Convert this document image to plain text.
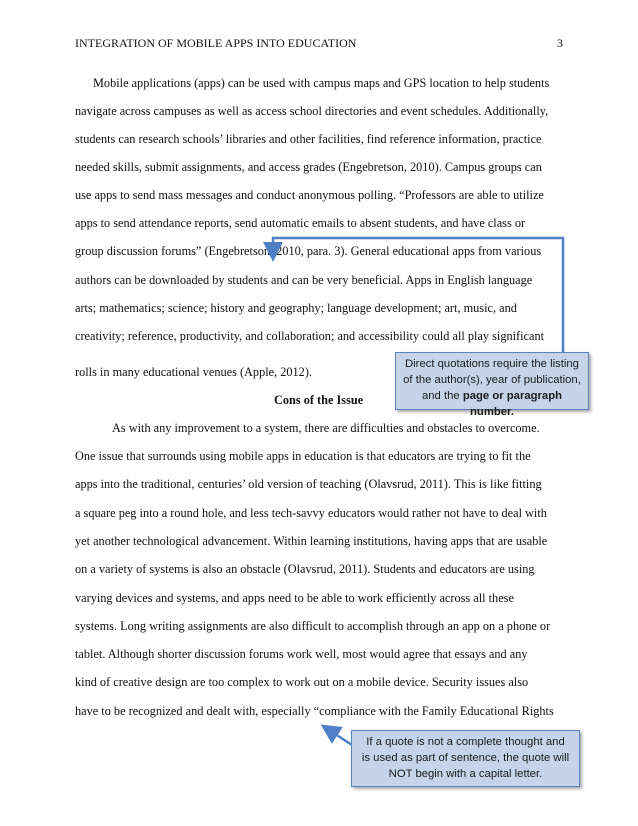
INTEGRATION OF MOBILE APPS INTO EDUCATION	3
Mobile applications (apps) can be used with campus maps and GPS location to help students
navigate across campuses as well as access school directories and event schedules. Additionally,
students can research schools’ libraries and other facilities, find reference information, practice
needed skills, submit assignments, and access grades (Engebretson, 2010). Campus groups can
use apps to send mass messages and conduct anonymous polling. “Professors are able to utilize
apps to send attendance reports, send automatic emails to absent students, and have class or
group discussion forums” (Engebretson, 2010, para. 3). General educational apps from various
authors can be downloaded by students and can be very beneficial. Apps in English language
arts; mathematics; science; history and geography; language development; art, music, and
creativity; reference, productivity, and collaboration; and accessibility could all play significant
rolls in many educational venues (Apple, 2012).
Cons of the Issue
As with any improvement to a system, there are difficulties and obstacles to overcome.
One issue that surrounds using mobile apps in education is that educators are trying to fit the
apps into the traditional, centuries’ old version of teaching (Olavsrud, 2011). This is like fitting
a square peg into a round hole, and less tech-savvy educators would rather not have to deal with
yet another technological advancement. Within learning institutions, having apps that are usable
on a variety of systems is also an obstacle (Olavsrud, 2011). Students and educators are using
varying devices and systems, and apps need to be able to work efficiently across all these
systems. Long writing assignments are also difficult to accomplish through an app on a phone or
tablet. Although shorter discussion forums work well, most would agree that essays and any
kind of creative design are too complex to work out on a mobile device. Security issues also
have to be recognized and dealt with, especially “compliance with the Family Educational Rights
Direct quotations require the listing
of the author(s), year of publication,
and the page or paragraph number.
If a quote is not a complete thought and
is used as part of sentence, the quote will
NOT begin with a capital letter.
